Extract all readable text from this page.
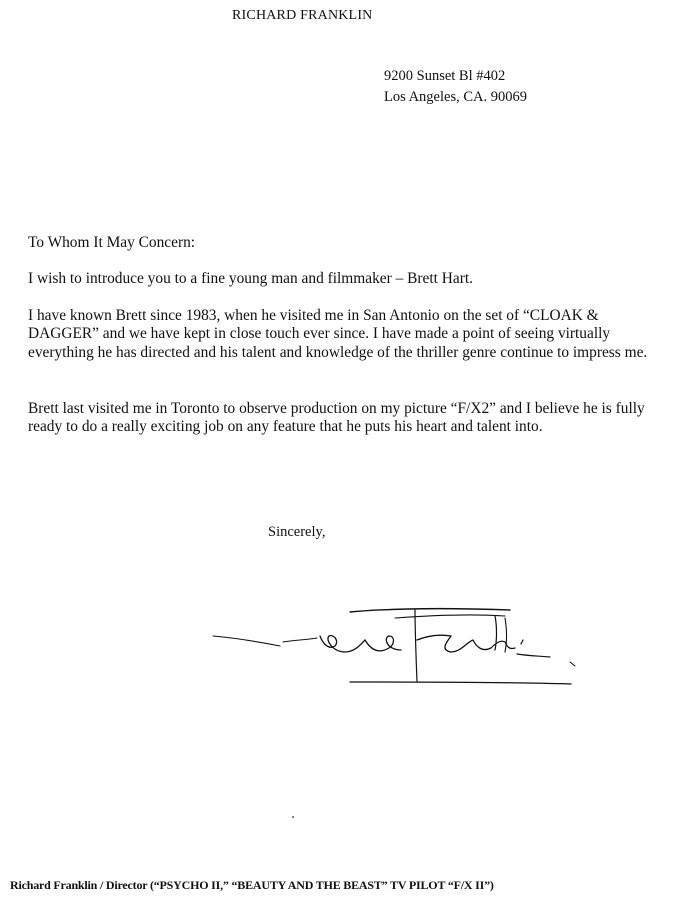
RICHARD FRANKLIN
9200 Sunset Bl #402
Los Angeles, CA. 90069
To Whom It May Concern:
I wish to introduce you to a fine young man and filmmaker – Brett Hart.
I have known Brett since 1983, when he visited me in San Antonio on the set of “CLOAK & DAGGER” and we have kept in close touch ever since. I have made a point of seeing virtually everything he has directed and his talent and knowledge of the thriller genre continue to impress me.
Brett last visited me in Toronto to observe production on my picture “F/X2” and I believe he is fully ready to do a really exciting job on any feature that he puts his heart and talent into.
Sincerely,
Richard Franklin / Director (“PSYCHO II,” “BEAUTY AND THE BEAST” TV PILOT “F/X II”)
